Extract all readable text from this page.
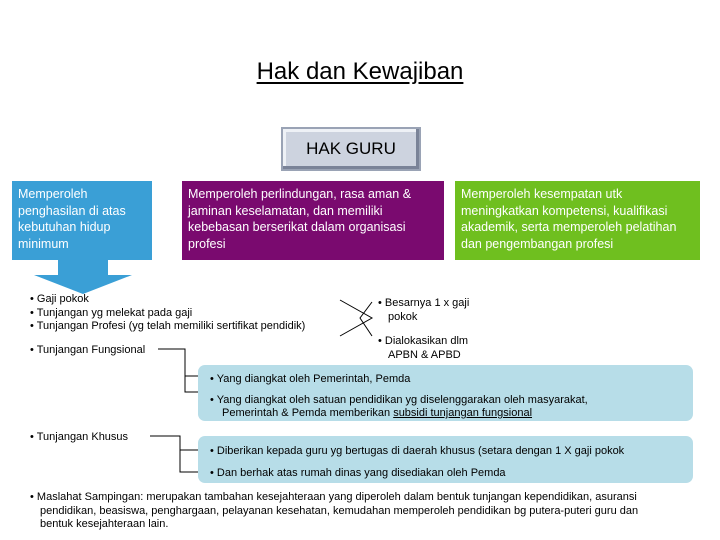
Hak dan Kewajiban
HAK GURU
Memperoleh penghasilan di atas kebutuhan hidup minimum
Memperoleh perlindungan, rasa aman & jaminan keselamatan, dan memiliki kebebasan berserikat dalam organisasi profesi
Memperoleh kesempatan utk meningkatkan kompetensi, kualifikasi akademik, serta memperoleh pelatihan dan pengembangan profesi
• Gaji pokok
• Tunjangan yg melekat pada gaji
• Tunjangan Profesi (yg telah memiliki sertifikat pendidik)
• Besarnya 1 x gaji
pokok
• Dialokasikan dlm
APBN & APBD
• Tunjangan Fungsional
• Yang diangkat oleh Pemerintah, Pemda
• Yang diangkat oleh satuan pendidikan yg diselenggarakan oleh masyarakat,
Pemerintah & Pemda memberikan subsidi tunjangan fungsional
• Tunjangan Khusus
• Diberikan kepada guru yg bertugas di daerah khusus (setara dengan 1 X gaji pokok
• Dan berhak atas rumah dinas yang disediakan oleh Pemda
• Maslahat Sampingan: merupakan tambahan kesejahteraan yang diperoleh dalam bentuk tunjangan kependidikan, asuransi
pendidikan, beasiswa, penghargaan, pelayanan kesehatan, kemudahan memperoleh pendidikan bg putera-puteri guru dan
bentuk kesejahteraan lain.
